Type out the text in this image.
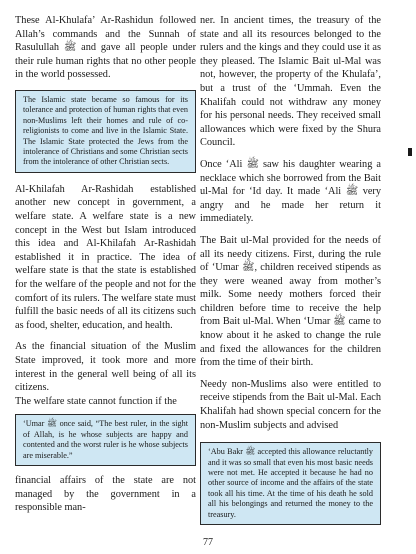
These Al-Khulafa’ Ar-Rashidun followed Allah’s commands and the Sunnah of Rasulullah ﷺ and gave all people under their rule human rights that no other people in the world possessed.

The Islamic state became so famous for its tolerance and protection of human rights that even non-Muslims left their homes and rule of co-religionists to come and live in the Islamic State. The Islamic State protected the Jews from the intolerance of Christians and some Christian sects from the intolerance of other Christian sects.

Al-Khilafah Ar-Rashidah established another new concept in government, a welfare state. A welfare state is a new concept in the West but Islam introduced this idea and Al-Khilafah Ar-Rashidah established it in practice. The idea of welfare state is that the state is established for the welfare of the people and not for the comfort of its rulers. The welfare state must fulfill the basic needs of all its citizens such as food, shelter, education, and health.

As the financial situation of the Muslim State improved, it took more and more interest in the general well being of all its citizens.

The welfare state cannot function if the

‘Umar ﷺ once said, “The best ruler, in the sight of Allah, is he whose subjects are happy and contented and the worst ruler is he whose subjects are miserable.”

financial affairs of the state are not managed by the government in a responsible man-

ner. In ancient times, the treasury of the state and all its resources belonged to the rulers and the kings and they could use it as they pleased. The Islamic Bait ul-Mal was not, however, the property of the Khulafa’, but a trust of the ‘Ummah. Even the Khalifah could not withdraw any money for his personal needs. They received small allowances which were fixed by the Shura Council.

Once ‘Ali ﷺ saw his daughter wearing a necklace which she borrowed from the Bait ul-Mal for ‘Id day. It made ‘Ali ﷺ very angry and he made her return it immediately.

The Bait ul-Mal provided for the needs of all its needy citizens. First, during the rule of ‘Umar ﷺ, children received stipends as they were weaned away from mother’s milk. Some needy mothers forced their children before time to receive the help from Bait ul-Mal. When ‘Umar ﷺ came to know about it he asked to change the rule and fixed the allowances for the children from the time of their birth.

Needy non-Muslims also were entitled to receive stipends from the Bait ul-Mal. Each Khalifah had shown special concern for the non-Muslim subjects and advised

‘Abu Bakr ﷺ accepted this allowance reluctantly and it was so small that even his most basic needs were not met. He accepted it because he had no other source of income and the affairs of the state took all his time. At the time of his death he sold all his belongings and returned the money to the treasury.

77
